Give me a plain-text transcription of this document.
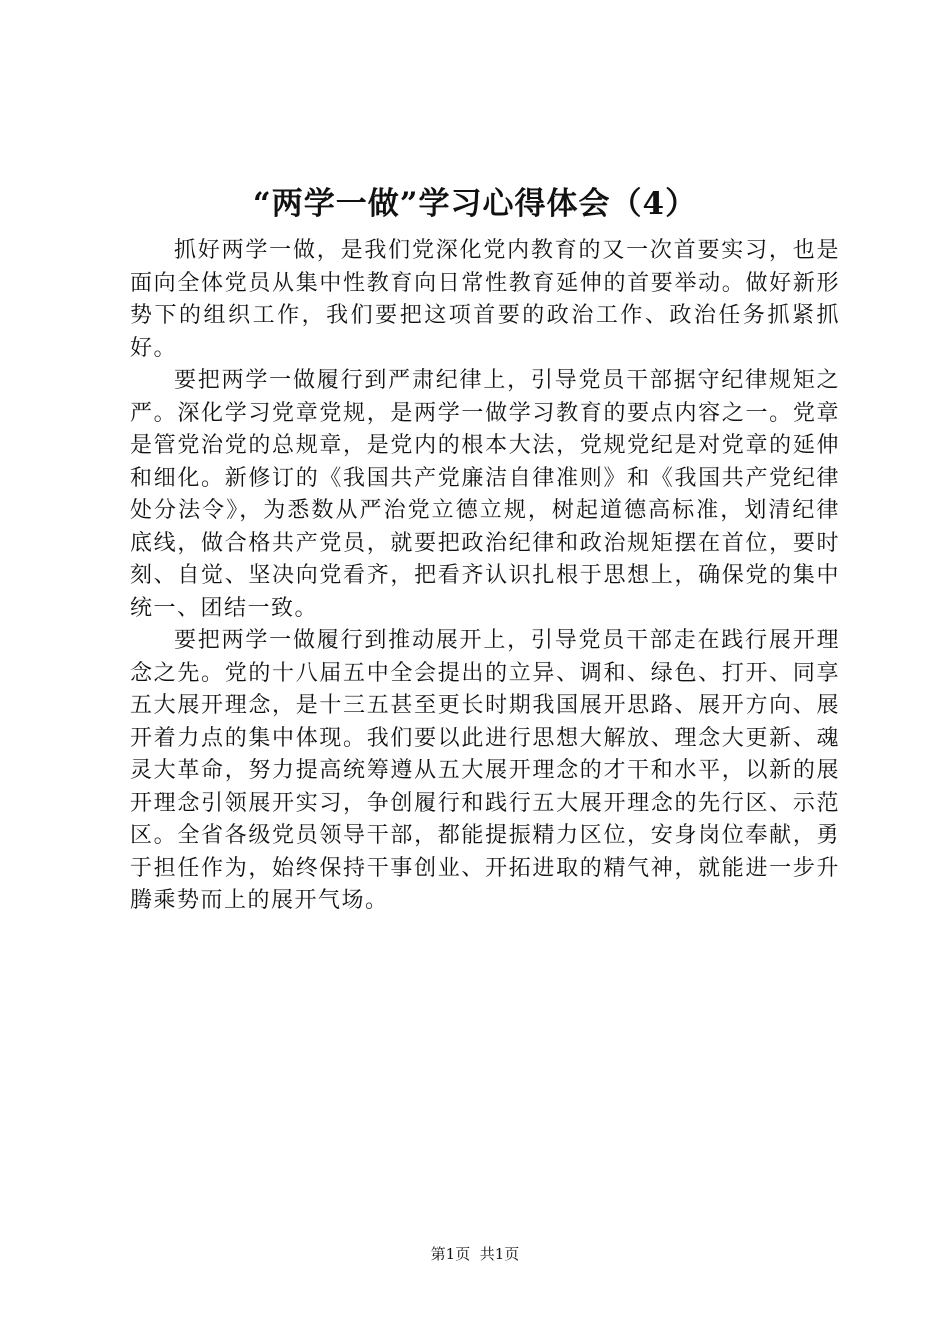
“两学一做”学习心得体会（4）

抓好两学一做，是我们党深化党内教育的又一次首要实习，也是面向全体党员从集中性教育向日常性教育延伸的首要举动。做好新形势下的组织工作，我们要把这项首要的政治工作、政治任务抓紧抓好。

要把两学一做履行到严肃纪律上，引导党员干部据守纪律规矩之严。深化学习党章党规，是两学一做学习教育的要点内容之一。党章是管党治党的总规章，是党内的根本大法，党规党纪是对党章的延伸和细化。新修订的《我国共产党廉洁自律准则》和《我国共产党纪律处分法令》，为悉数从严治党立德立规，树起道德高标准，划清纪律底线，做合格共产党员，就要把政治纪律和政治规矩摆在首位，要时刻、自觉、坚决向党看齐，把看齐认识扎根于思想上，确保党的集中统一、团结一致。

要把两学一做履行到推动展开上，引导党员干部走在践行展开理念之先。党的十八届五中全会提出的立异、调和、绿色、打开、同享五大展开理念，是十三五甚至更长时期我国展开思路、展开方向、展开着力点的集中体现。我们要以此进行思想大解放、理念大更新、魂灵大革命，努力提高统筹遵从五大展开理念的才干和水平，以新的展开理念引领展开实习，争创履行和践行五大展开理念的先行区、示范区。全省各级党员领导干部，都能提振精力区位，安身岗位奉献，勇于担任作为，始终保持干事创业、开拓进取的精气神，就能进一步升腾乘势而上的展开气场。

第1页 共1页
